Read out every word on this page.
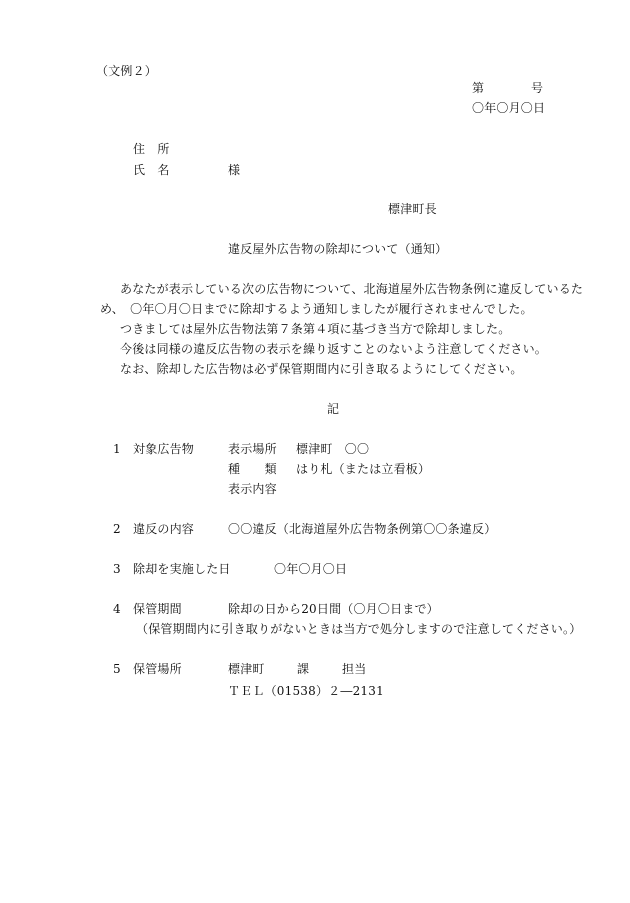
（文例２）
第	号
〇年〇月〇日
住　所
氏　名	様
標津町長
違反屋外広告物の除却について（通知）
あなたが表示している次の広告物について、北海道屋外広告物条例に違反しているた
め、　〇年〇月〇日までに除却するよう通知しましたが履行されませんでした。
つきましては屋外広告物法第７条第４項に基づき当方で除却しました。
今後は同様の違反広告物の表示を繰り返すことのないよう注意してください。
なお、除却した広告物は必ず保管期間内に引き取るようにしてください。
記
1 対象広告物	表示場所 標津町　〇〇
種　　類 はり札（または立看板）
表示内容
2 違反の内容	〇〇違反（北海道屋外広告物条例第〇〇条違反）
3 除却を実施した日	〇年〇月〇日
4 保管期間	除却の日から20日間（〇月〇日まで）
（保管期間内に引き取りがないときは当方で処分しますので注意してください。）
5 保管場所	標津町	課	担当
ＴＥＬ（01538）２―2131
